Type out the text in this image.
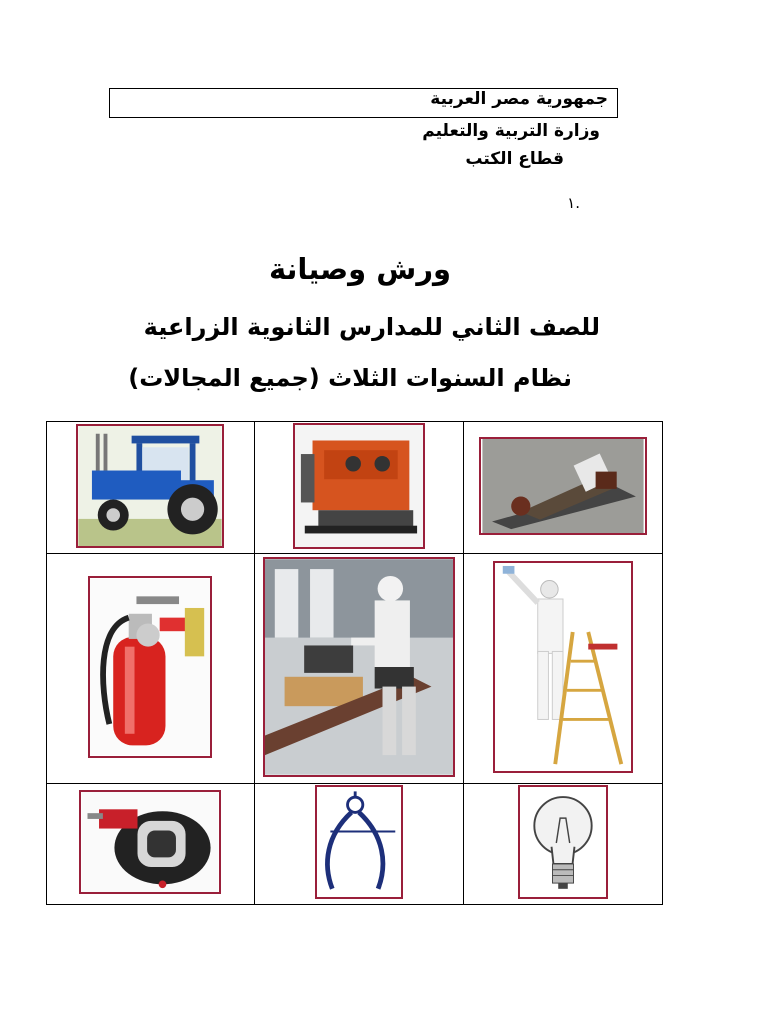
جمهورية مصر العربية
وزارة التربية والتعليم
قطاع الكتب
.١
ورش وصيانة
للصف الثاني للمدارس الثانوية الزراعية
نظام السنوات الثلاث (جميع المجالات)
